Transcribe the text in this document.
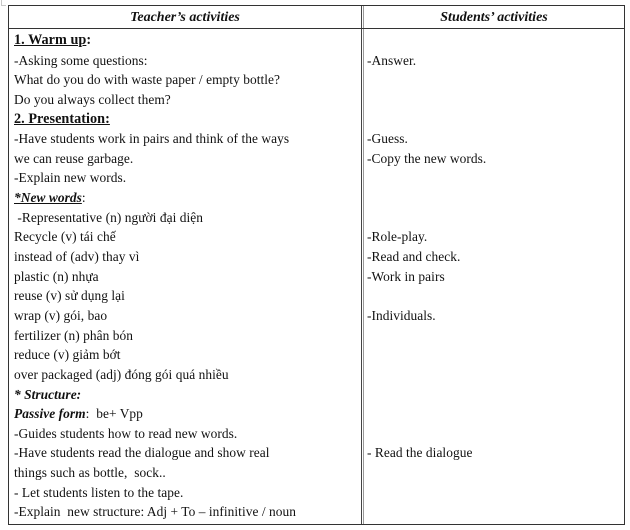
Teacher’s activities	Students’ activities
1. Warm up:
-Asking some questions:
What do you do with waste paper / empty bottle?
Do you always collect them?
2. Presentation:
-Have students work in pairs and think of the ways
we can reuse garbage.
-Explain new words.
*New words:
-Representative (n) người đại diện
Recycle (v) tái chế
instead of (adv) thay vì
plastic (n) nhựa
reuse (v) sử dụng lại
wrap (v) gói, bao
fertilizer (n) phân bón
reduce (v) giảm bớt
over packaged (adj) đóng gói quá nhiều
* Structure:
Passive form:  be+ Vpp
-Guides students how to read new words.
-Have students read the dialogue and show real
things such as bottle,  sock..
- Let students listen to the tape.
-Explain  new structure: Adj + To – infinitive / noun
-Answer.
-Guess.
-Copy the new words.
-Role-play.
-Read and check.
-Work in pairs
-Individuals.
- Read the dialogue
